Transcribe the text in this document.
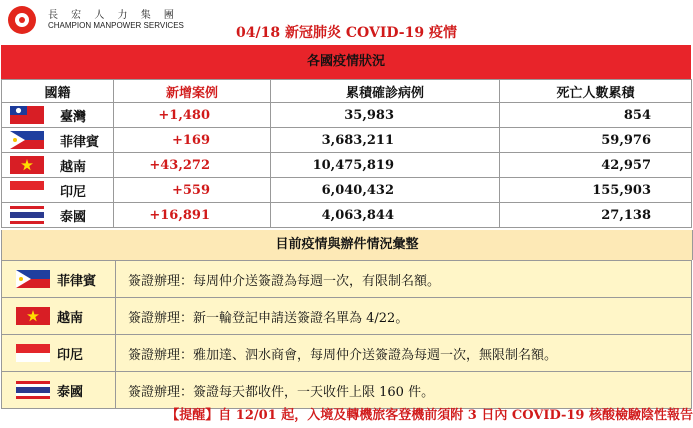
長 宏 人 力 集 團
CHAMPION MANPOWER SERVICES	04/18 新冠肺炎 COVID-19 疫情
各國疫情狀況
國籍	新增案例	累積確診病例	死亡人數累積

臺灣	+1,480	35,983	854

菲律賓	+169	3,683,211	59,976

越南	+43,272	10,475,819	42,957

印尼	+559	6,040,432	155,903

泰國	+16,891	4,063,844	27,138
目前疫情與辦件情況彙整
菲律賓	簽證辦理：每周仲介送簽證為每週一次，有限制名額。

越南	簽證辦理：新一輪登記申請送簽證名單為 4/22。

印尼	簽證辦理：雅加達、泗水商會，每周仲介送簽證為每週一次，無限制名額。

泰國	簽證辦理：簽證每天都收件，一天收件上限 160 件。
【提醒】自 12/01 起，入境及轉機旅客登機前須附 3 日內 COVID-19 核酸檢驗陰性報告
